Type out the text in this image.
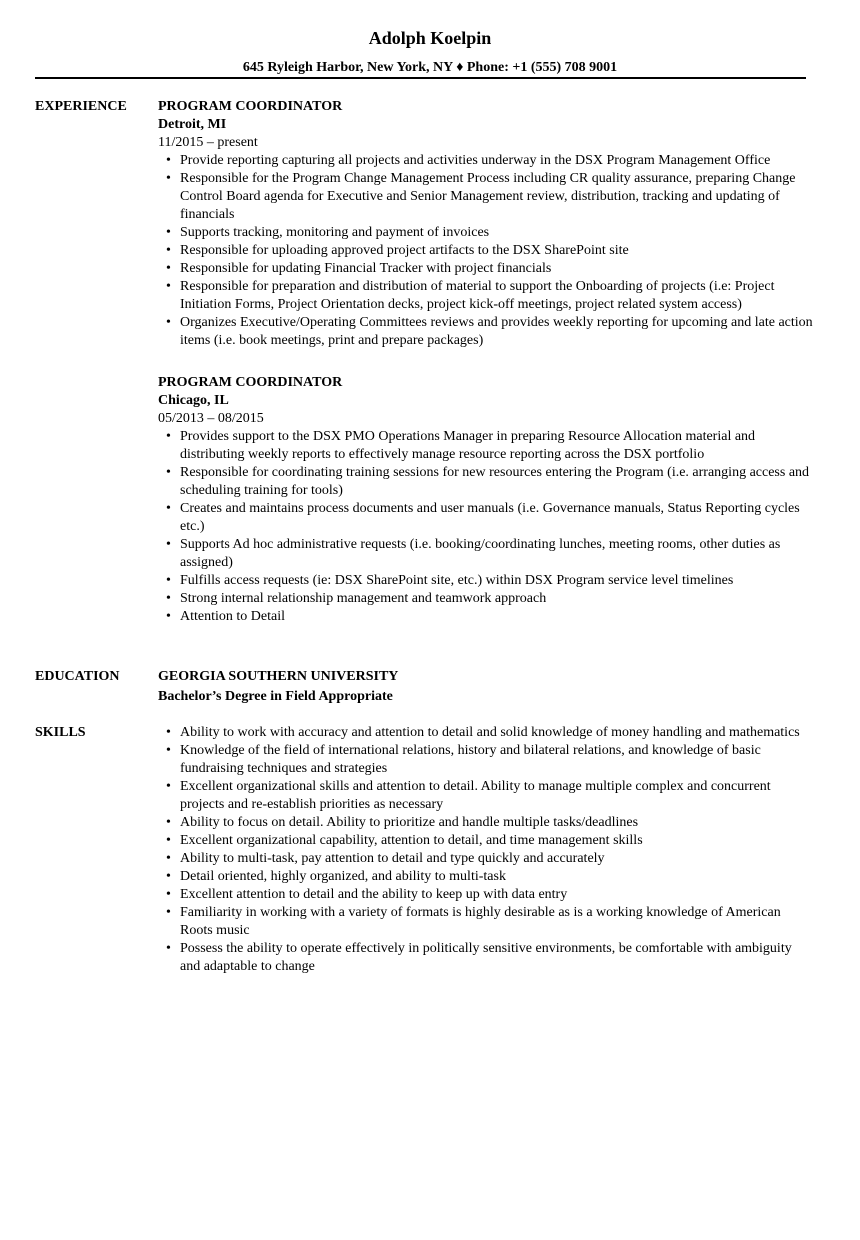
Adolph Koelpin
645 Ryleigh Harbor, New York, NY ♦ Phone: +1 (555) 708 9001
EXPERIENCE PROGRAM COORDINATOR
Detroit, MI
11/2015 – present
• Provide reporting capturing all projects and activities underway in the DSX Program Management Office
• Responsible for the Program Change Management Process including CR quality assurance, preparing Change Control Board agenda for Executive and Senior Management review, distribution, tracking and updating of financials
• Supports tracking, monitoring and payment of invoices
• Responsible for uploading approved project artifacts to the DSX SharePoint site
• Responsible for updating Financial Tracker with project financials
• Responsible for preparation and distribution of material to support the Onboarding of projects (i.e: Project Initiation Forms, Project Orientation decks, project kick-off meetings, project related system access)
• Organizes Executive/Operating Committees reviews and provides weekly reporting for upcoming and late action items (i.e. book meetings, print and prepare packages)
PROGRAM COORDINATOR
Chicago, IL
05/2013 – 08/2015
• Provides support to the DSX PMO Operations Manager in preparing Resource Allocation material and distributing weekly reports to effectively manage resource reporting across the DSX portfolio
• Responsible for coordinating training sessions for new resources entering the Program (i.e. arranging access and scheduling training for tools)
• Creates and maintains process documents and user manuals (i.e. Governance manuals, Status Reporting cycles etc.)
• Supports Ad hoc administrative requests (i.e. booking/coordinating lunches, meeting rooms, other duties as assigned)
• Fulfills access requests (ie: DSX SharePoint site, etc.) within DSX Program service level timelines
• Strong internal relationship management and teamwork approach
• Attention to Detail
EDUCATION	GEORGIA SOUTHERN UNIVERSITY
Bachelor’s Degree in Field Appropriate
SKILLS	• Ability to work with accuracy and attention to detail and solid knowledge of money handling and mathematics
• Knowledge of the field of international relations, history and bilateral relations, and knowledge of basic fundraising techniques and strategies
• Excellent organizational skills and attention to detail. Ability to manage multiple complex and concurrent projects and re-establish priorities as necessary
• Ability to focus on detail. Ability to prioritize and handle multiple tasks/deadlines
• Excellent organizational capability, attention to detail, and time management skills
• Ability to multi-task, pay attention to detail and type quickly and accurately
• Detail oriented, highly organized, and ability to multi-task
• Excellent attention to detail and the ability to keep up with data entry
• Familiarity in working with a variety of formats is highly desirable as is a working knowledge of American Roots music
• Possess the ability to operate effectively in politically sensitive environments, be comfortable with ambiguity and adaptable to change
